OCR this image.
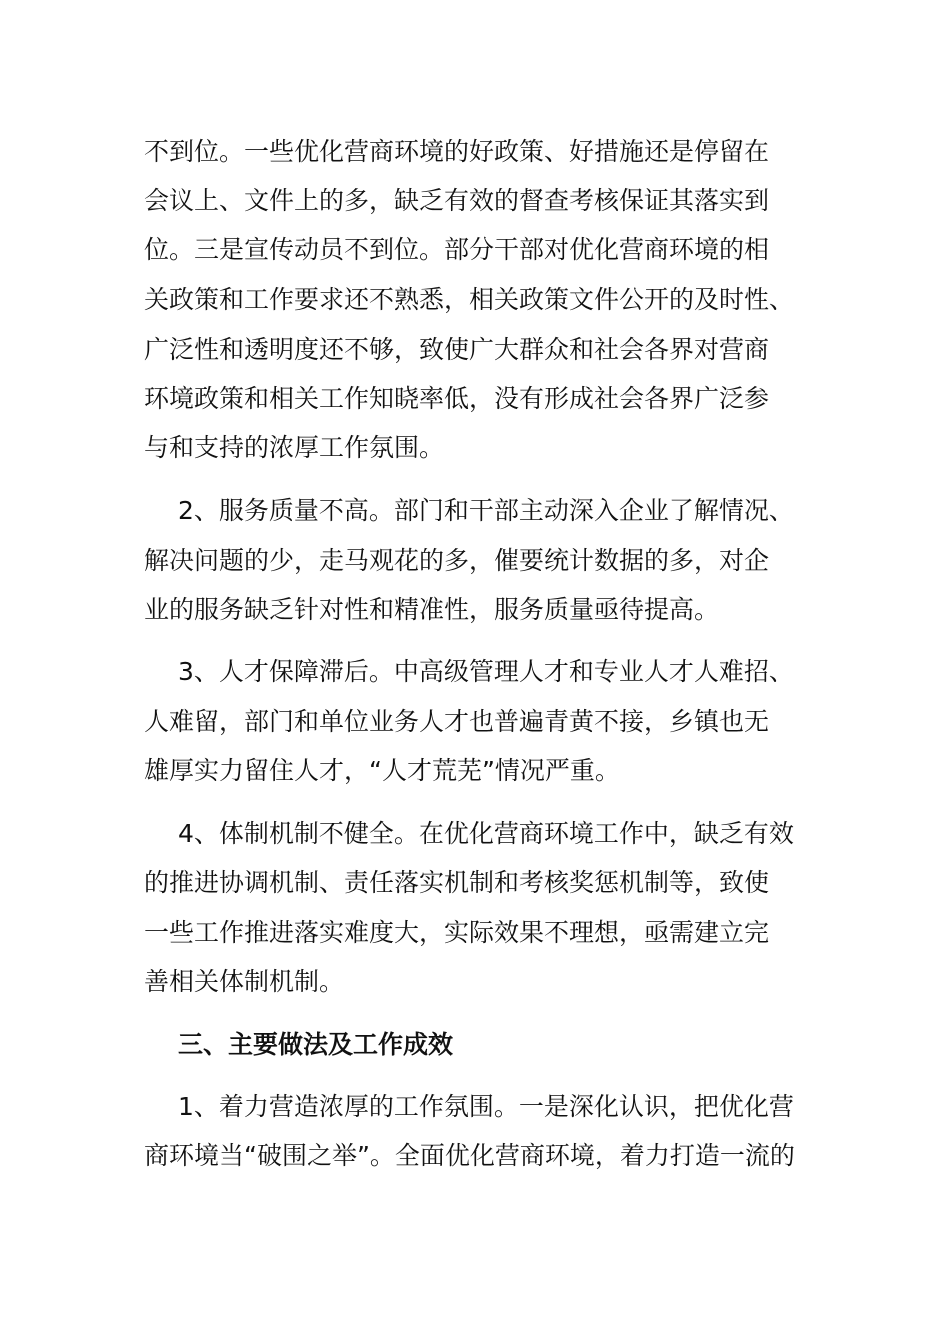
不到位。一些优化营商环境的好政策、好措施还是停留在
会议上、文件上的多，缺乏有效的督查考核保证其落实到
位。三是宣传动员不到位。部分干部对优化营商环境的相
关政策和工作要求还不熟悉，相关政策文件公开的及时性、
广泛性和透明度还不够，致使广大群众和社会各界对营商
环境政策和相关工作知晓率低，没有形成社会各界广泛参
与和支持的浓厚工作氛围。
2、服务质量不高。部门和干部主动深入企业了解情况、
解决问题的少，走马观花的多，催要统计数据的多，对企
业的服务缺乏针对性和精准性，服务质量亟待提高。
3、人才保障滞后。中高级管理人才和专业人才人难招、
人难留，部门和单位业务人才也普遍青黄不接，乡镇也无
雄厚实力留住人才，“人才荒芜”情况严重。
4、体制机制不健全。在优化营商环境工作中，缺乏有效
的推进协调机制、责任落实机制和考核奖惩机制等，致使
一些工作推进落实难度大，实际效果不理想，亟需建立完
善相关体制机制。
三、主要做法及工作成效
1、着力营造浓厚的工作氛围。一是深化认识，把优化营
商环境当“破围之举”。全面优化营商环境，着力打造一流的
